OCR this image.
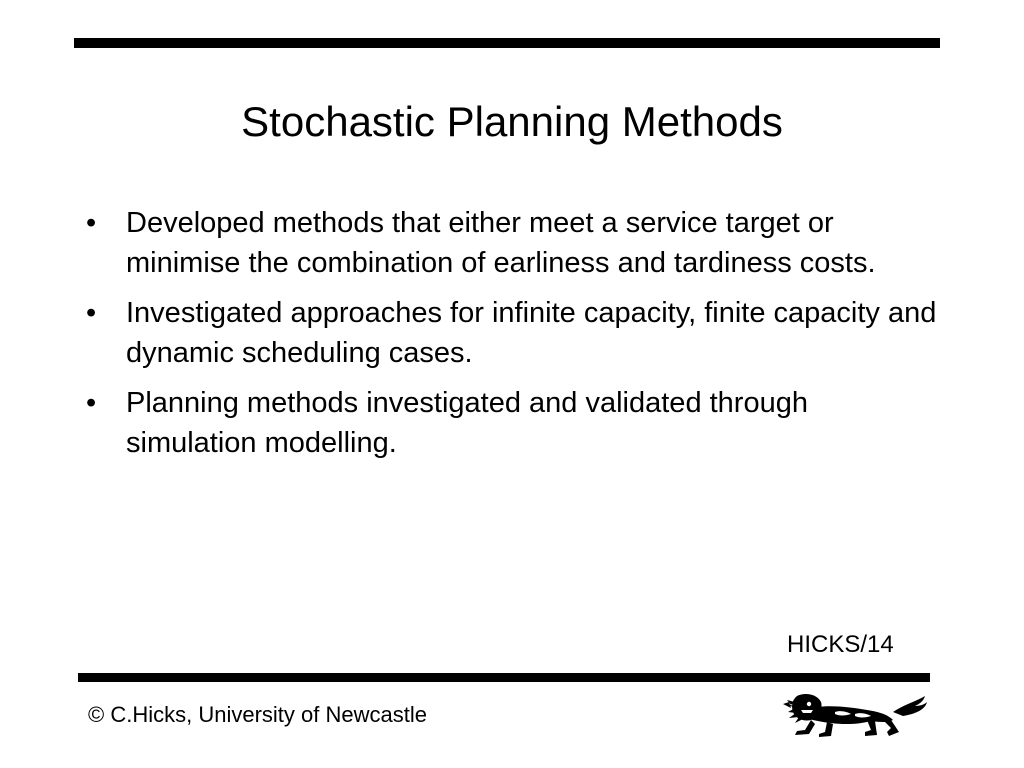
Stochastic Planning Methods
•	Developed methods that either meet a service target or minimise the combination of earliness and tardiness costs.
•	Investigated approaches for infinite capacity, finite capacity and dynamic scheduling cases.
•	Planning methods investigated and validated through simulation modelling.
HICKS/14
© C.Hicks, University of Newcastle
